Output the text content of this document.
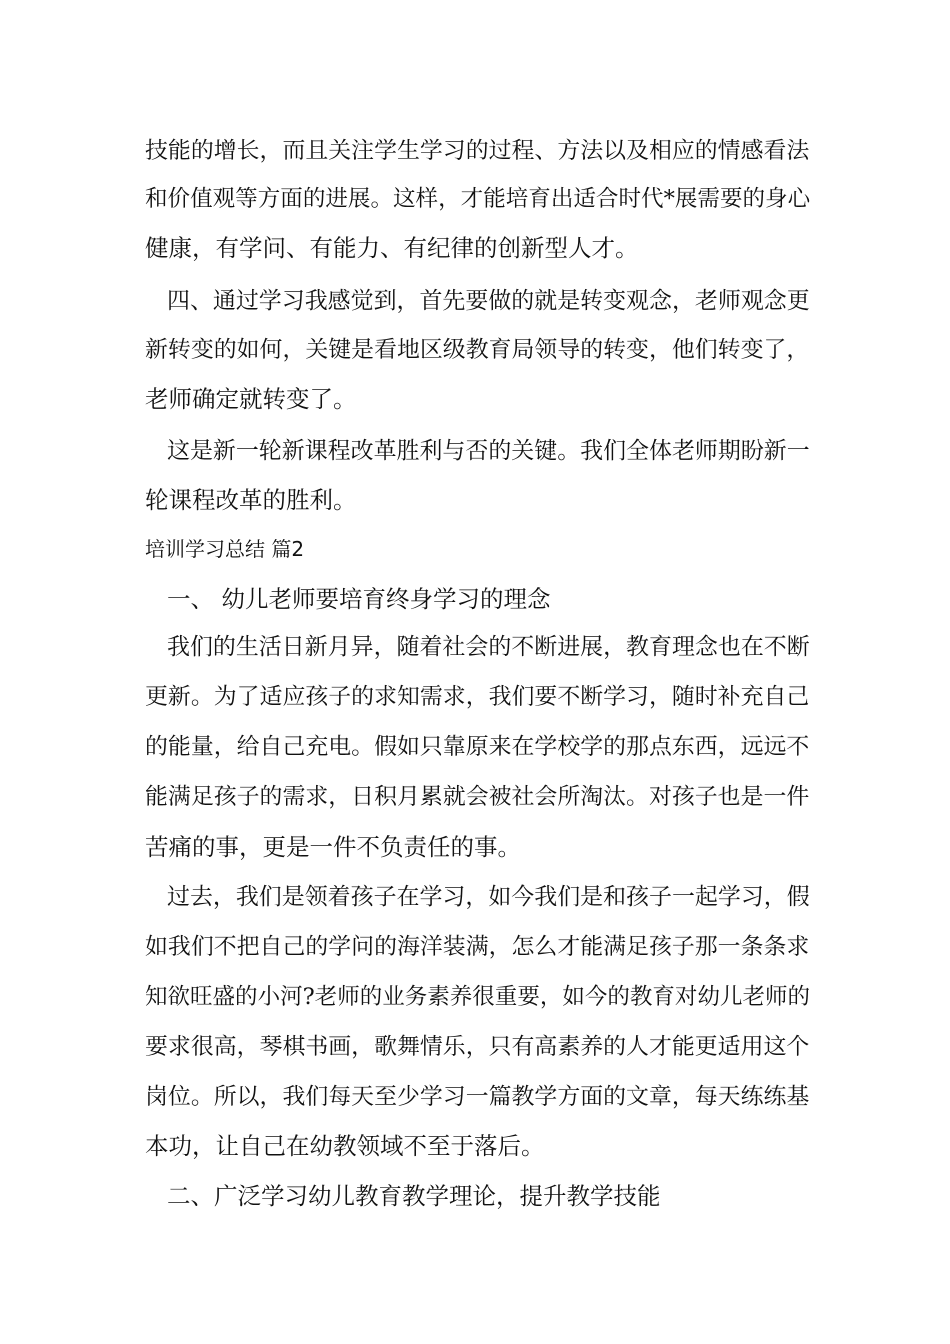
技能的增长，而且关注学生学习的过程、方法以及相应的情感看法
和价值观等方面的进展。这样，才能培育出适合时代*展需要的身心
健康，有学问、有能力、有纪律的创新型人才。
四、通过学习我感觉到，首先要做的就是转变观念，老师观念更
新转变的如何，关键是看地区级教育局领导的转变，他们转变了，
老师确定就转变了。
这是新一轮新课程改革胜利与否的关键。我们全体老师期盼新一
轮课程改革的胜利。
培训学习总结 篇2
一、 幼儿老师要培育终身学习的理念
我们的生活日新月异，随着社会的不断进展，教育理念也在不断
更新。为了适应孩子的求知需求，我们要不断学习，随时补充自己
的能量，给自己充电。假如只靠原来在学校学的那点东西，远远不
能满足孩子的需求，日积月累就会被社会所淘汰。对孩子也是一件
苦痛的事，更是一件不负责任的事。
过去，我们是领着孩子在学习，如今我们是和孩子一起学习，假
如我们不把自己的学问的海洋装满，怎么才能满足孩子那一条条求
知欲旺盛的小河?老师的业务素养很重要，如今的教育对幼儿老师的
要求很高，琴棋书画，歌舞情乐，只有高素养的人才能更适用这个
岗位。所以，我们每天至少学习一篇教学方面的文章，每天练练基
本功，让自己在幼教领域不至于落后。
二、广泛学习幼儿教育教学理论，提升教学技能
